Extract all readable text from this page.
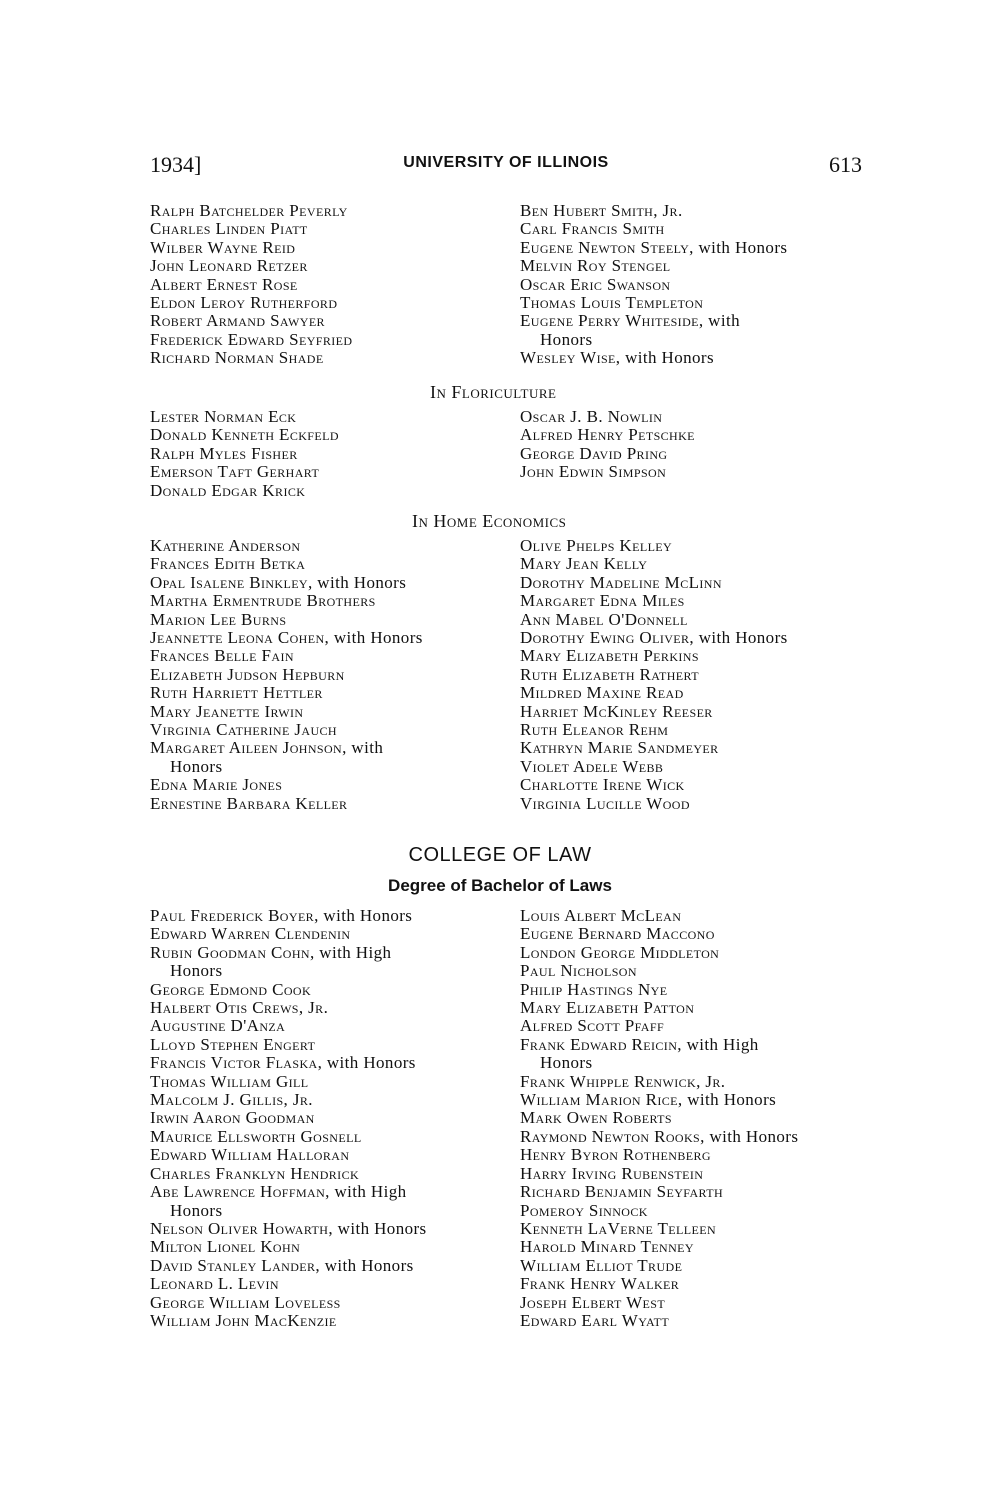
1934]	UNIVERSITY OF ILLINOIS	613
Ralph Batchelder Peverly
Charles Linden Piatt
Wilber Wayne Reid
John Leonard Retzer
Albert Ernest Rose
Eldon Leroy Rutherford
Robert Armand Sawyer
Frederick Edward Seyfried
Richard Norman Shade
Ben Hubert Smith, Jr.
Carl Francis Smith
Eugene Newton Steely, with Honors
Melvin Roy Stengel
Oscar Eric Swanson
Thomas Louis Templeton
Eugene Perry Whiteside, with
Honors
Wesley Wise, with Honors
In Floriculture
Lester Norman Eck
Donald Kenneth Eckfeld
Ralph Myles Fisher
Emerson Taft Gerhart
Donald Edgar Krick
Oscar J. B. Nowlin
Alfred Henry Petschke
George David Pring
John Edwin Simpson
In Home Economics
Katherine Anderson
Frances Edith Betka
Opal Isalene Binkley, with Honors
Martha Ermentrude Brothers
Marion Lee Burns
Jeannette Leona Cohen, with Honors
Frances Belle Fain
Elizabeth Judson Hepburn
Ruth Harriett Hettler
Mary Jeanette Irwin
Virginia Catherine Jauch
Margaret Aileen Johnson, with
Honors
Edna Marie Jones
Ernestine Barbara Keller
Olive Phelps Kelley
Mary Jean Kelly
Dorothy Madeline McLinn
Margaret Edna Miles
Ann Mabel O'Donnell
Dorothy Ewing Oliver, with Honors
Mary Elizabeth Perkins
Ruth Elizabeth Rathert
Mildred Maxine Read
Harriet McKinley Reeser
Ruth Eleanor Rehm
Kathryn Marie Sandmeyer
Violet Adele Webb
Charlotte Irene Wick
Virginia Lucille Wood
COLLEGE OF LAW
Degree of Bachelor of Laws
Paul Frederick Boyer, with Honors
Edward Warren Clendenin
Rubin Goodman Cohn, with High
Honors
George Edmond Cook
Halbert Otis Crews, Jr.
Augustine D'Anza
Lloyd Stephen Engert
Francis Victor Flaska, with Honors
Thomas William Gill
Malcolm J. Gillis, Jr.
Irwin Aaron Goodman
Maurice Ellsworth Gosnell
Edward William Halloran
Charles Franklyn Hendrick
Abe Lawrence Hoffman, with High
Honors
Nelson Oliver Howarth, with Honors
Milton Lionel Kohn
David Stanley Lander, with Honors
Leonard L. Levin
George William Loveless
William John MacKenzie
Louis Albert McLean
Eugene Bernard Maccono
London George Middleton
Paul Nicholson
Philip Hastings Nye
Mary Elizabeth Patton
Alfred Scott Pfaff
Frank Edward Reicin, with High
Honors
Frank Whipple Renwick, Jr.
William Marion Rice, with Honors
Mark Owen Roberts
Raymond Newton Rooks, with Honors
Henry Byron Rothenberg
Harry Irving Rubenstein
Richard Benjamin Seyfarth
Pomeroy Sinnock
Kenneth LaVerne Telleen
Harold Minard Tenney
William Elliot Trude
Frank Henry Walker
Joseph Elbert West
Edward Earl Wyatt
